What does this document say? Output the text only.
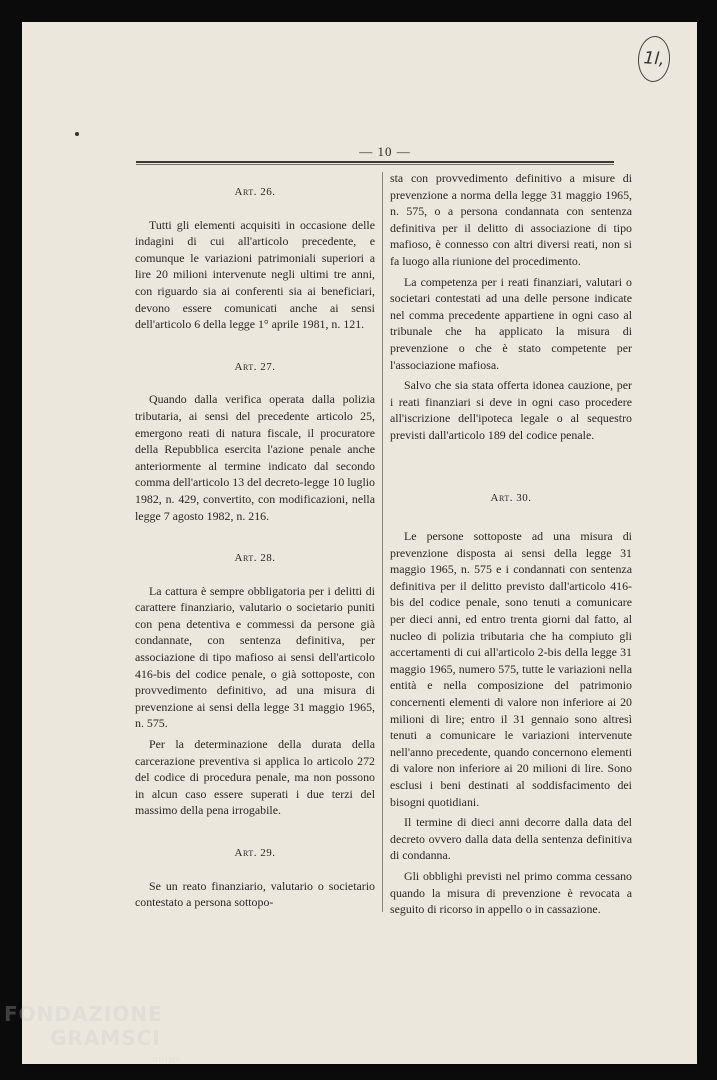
1l,
— 10 —
Art. 26.

Tutti gli elementi acquisiti in occasione delle indagini di cui all'articolo precedente, e comunque le variazioni patrimoniali superiori a lire 20 milioni intervenute negli ultimi tre anni, con riguardo sia ai conferenti sia ai beneficiari, devono essere comunicati anche ai sensi dell'articolo 6 della legge 1° aprile 1981, n. 121.

Art. 27.

Quando dalla verifica operata dalla polizia tributaria, ai sensi del precedente articolo 25, emergono reati di natura fiscale, il procuratore della Repubblica esercita l'azione penale anche anteriormente al termine indicato dal secondo comma dell'articolo 13 del decreto-legge 10 luglio 1982, n. 429, convertito, con modificazioni, nella legge 7 agosto 1982, n. 216.

Art. 28.

La cattura è sempre obbligatoria per i delitti di carattere finanziario, valutario o societario puniti con pena detentiva e commessi da persone già condannate, con sentenza definitiva, per associazione di tipo mafioso ai sensi dell'articolo 416-bis del codice penale, o già sottoposte, con provvedimento definitivo, ad una misura di prevenzione ai sensi della legge 31 maggio 1965, n. 575.

Per la determinazione della durata della carcerazione preventiva si applica lo articolo 272 del codice di procedura penale, ma non possono in alcun caso essere superati i due terzi del massimo della pena irrogabile.

Art. 29.

Se un reato finanziario, valutario o societario contestato a persona sottopo-

sta con provvedimento definitivo a misure di prevenzione a norma della legge 31 maggio 1965, n. 575, o a persona condannata con sentenza definitiva per il delitto di associazione di tipo mafioso, è connesso con altri diversi reati, non si fa luogo alla riunione del procedimento.

La competenza per i reati finanziari, valutari o societari contestati ad una delle persone indicate nel comma precedente appartiene in ogni caso al tribunale che ha applicato la misura di prevenzione o che è stato competente per l'associazione mafiosa.

Salvo che sia stata offerta idonea cauzione, per i reati finanziari si deve in ogni caso procedere all'iscrizione dell'ipoteca legale o al sequestro previsti dall'articolo 189 del codice penale.

Art. 30.

Le persone sottoposte ad una misura di prevenzione disposta ai sensi della legge 31 maggio 1965, n. 575 e i condannati con sentenza definitiva per il delitto previsto dall'articolo 416-bis del codice penale, sono tenuti a comunicare per dieci anni, ed entro trenta giorni dal fatto, al nucleo di polizia tributaria che ha compiuto gli accertamenti di cui all'articolo 2-bis della legge 31 maggio 1965, numero 575, tutte le variazioni nella entità e nella composizione del patrimonio concernenti elementi di valore non inferiore ai 20 milioni di lire; entro il 31 gennaio sono altresì tenuti a comunicare le variazioni intervenute nell'anno precedente, quando concernono elementi di valore non inferiore ai 20 milioni di lire. Sono esclusi i beni destinati al soddisfacimento dei bisogni quotidiani.

Il termine di dieci anni decorre dalla data del decreto ovvero dalla data della sentenza definitiva di condanna.

Gli obblighi previsti nel primo comma cessano quando la misura di prevenzione è revocata a seguito di ricorso in appello o in cassazione.

FONDAZIONE
GRAMSCI
onlus
